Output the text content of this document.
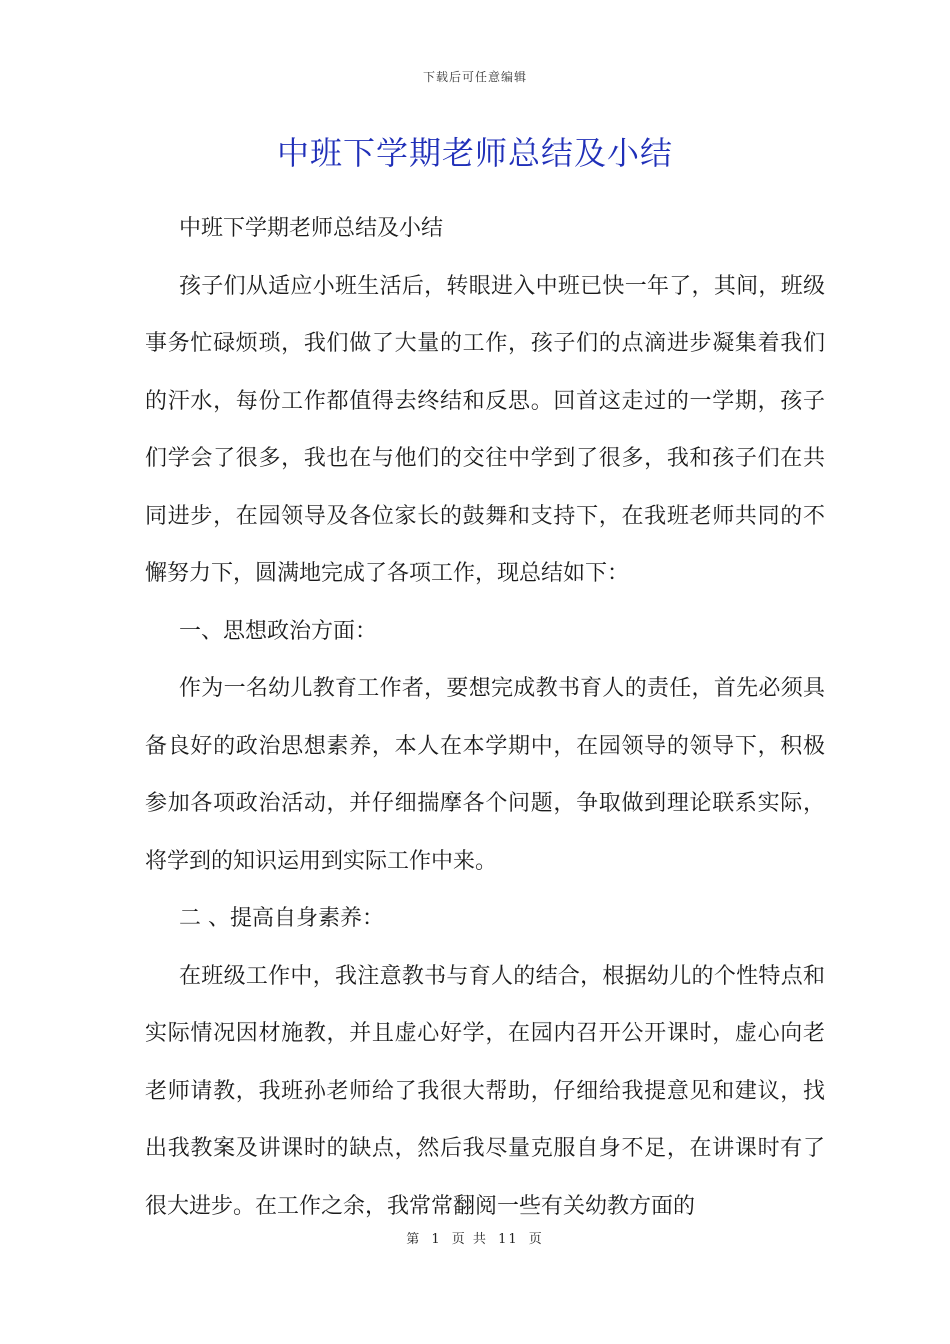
下载后可任意编辑
中班下学期老师总结及小结

中班下学期老师总结及小结

孩子们从适应小班生活后，转眼进入中班已快一年了，其间，班级事务忙碌烦琐，我们做了大量的工作，孩子们的点滴进步凝集着我们的汗水，每份工作都值得去终结和反思。回首这走过的一学期，孩子们学会了很多，我也在与他们的交往中学到了很多，我和孩子们在共同进步，在园领导及各位家长的鼓舞和支持下，在我班老师共同的不懈努力下，圆满地完成了各项工作，现总结如下：

一、思想政治方面：

作为一名幼儿教育工作者，要想完成教书育人的责任，首先必须具备良好的政治思想素养，本人在本学期中，在园领导的领导下，积极参加各项政治活动，并仔细揣摩各个问题，争取做到理论联系实际，将学到的知识运用到实际工作中来。

二 、提高自身素养：

在班级工作中，我注意教书与育人的结合，根据幼儿的个性特点和实际情况因材施教，并且虚心好学，在园内召开公开课时，虚心向老老师请教，我班孙老师给了我很大帮助，仔细给我提意见和建议，找出我教案及讲课时的缺点，然后我尽量克服自身不足，在讲课时有了很大进步。在工作之余，我常常翻阅一些有关幼教方面的

第 1 页 共 11 页
